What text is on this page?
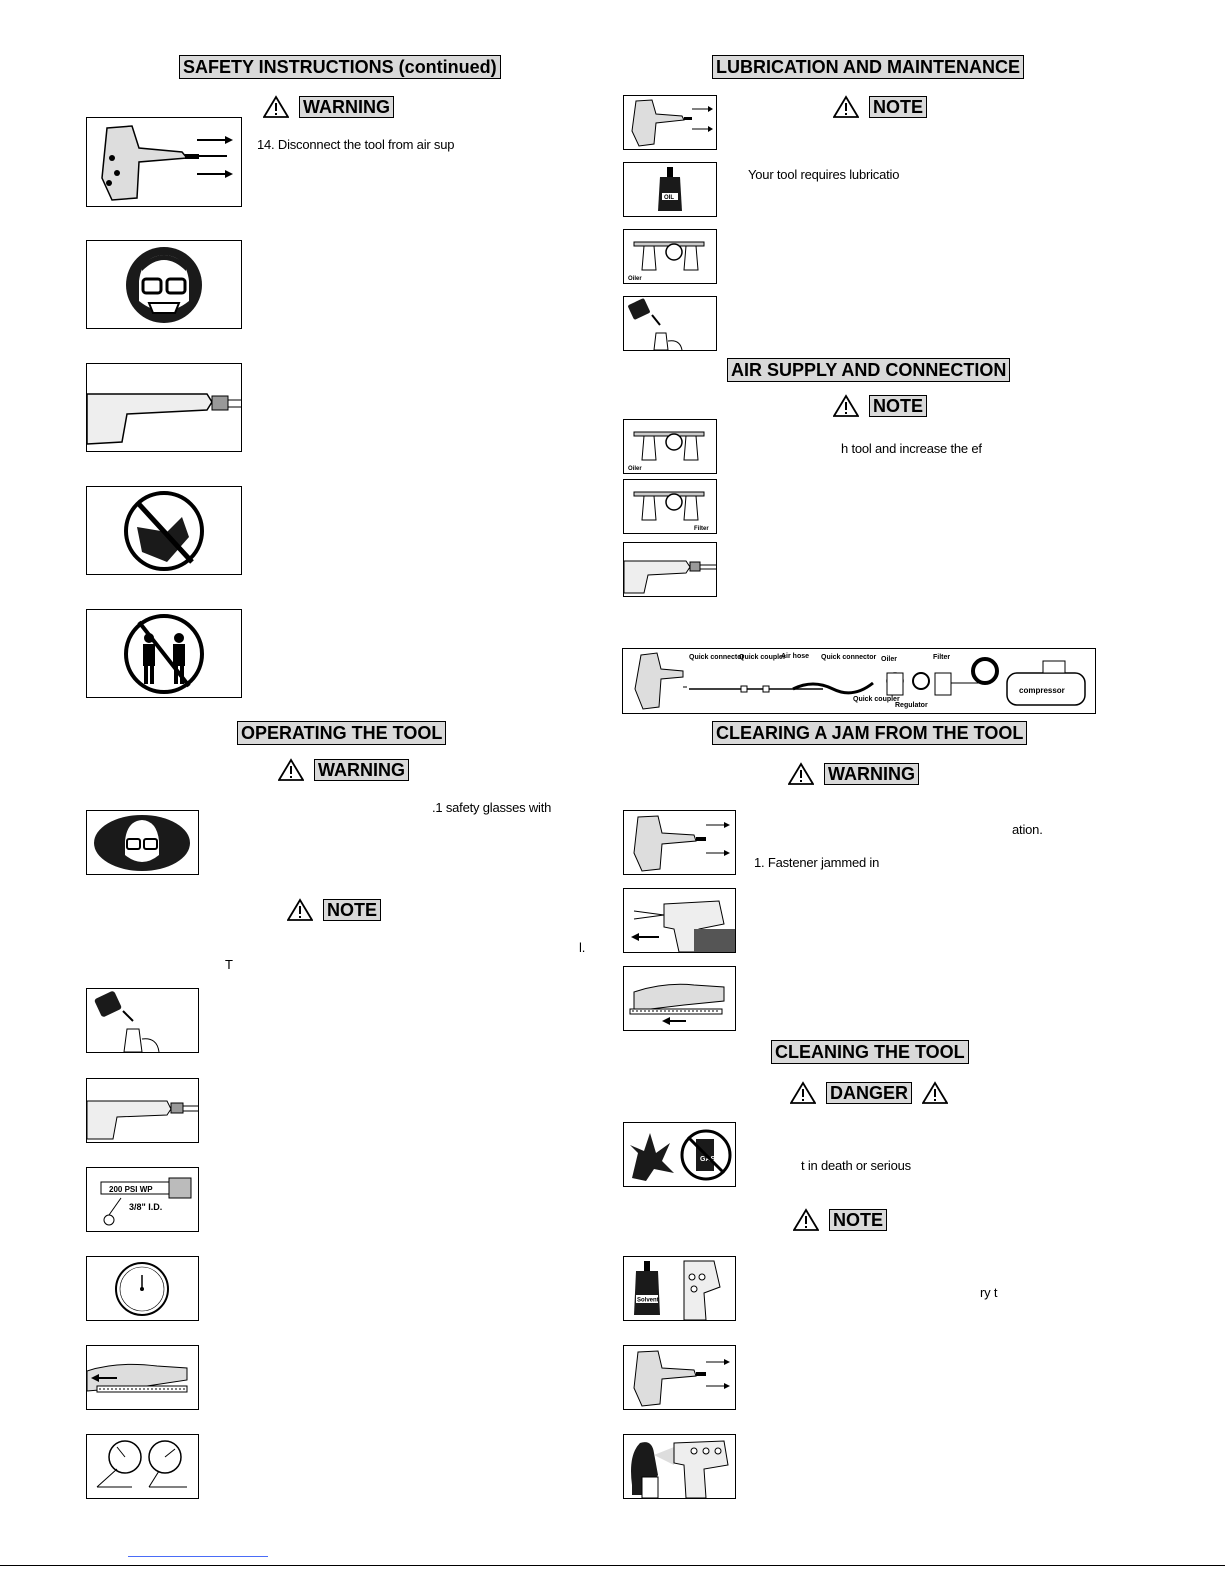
SAFETY INSTRUCTIONS (continued)
WARNING
14. Disconnect the tool from air sup
OPERATING THE TOOL
WARNING
.1 safety glasses with
NOTE
l.
T
200 PSI WP
3/8" I.D.
LUBRICATION AND MAINTENANCE
NOTE
OIL
Your tool requires lubricatio
Oiler
AIR SUPPLY AND CONNECTION
NOTE
Oiler
h tool and increase the ef
Filter
Quick connector
Quick coupler
Air hose Quick connector Oiler	Filter
Quick coupler
Regulator
compressor
CLEARING A JAM FROM THE TOOL
WARNING
ation.
1. Fastener jammed in
CLEANING THE TOOL
DANGER
GAS	t in death or serious
NOTE
Solvent
ry t
